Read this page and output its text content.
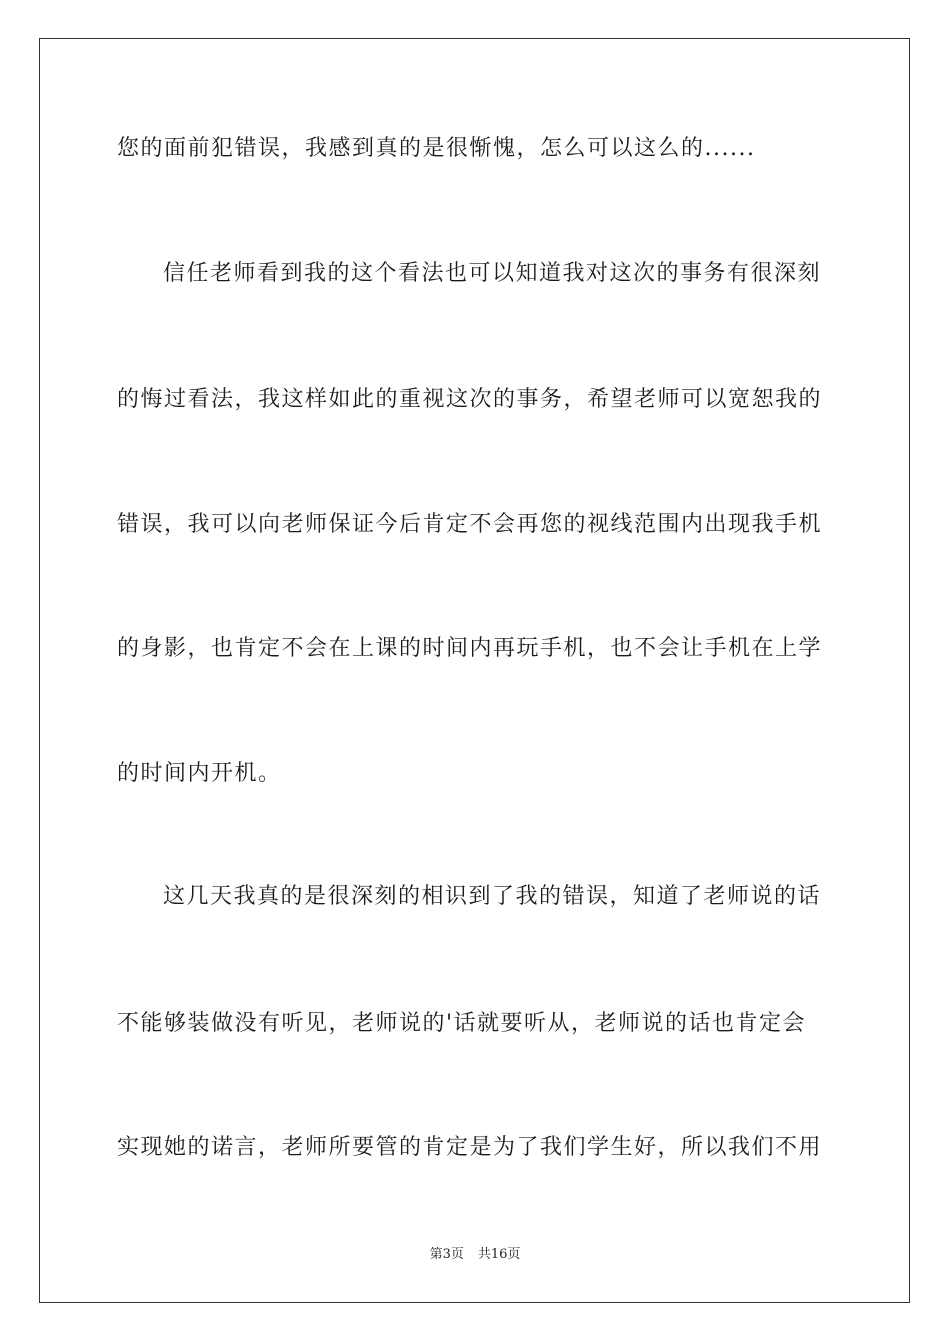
您的面前犯错误，我感到真的是很惭愧，怎么可以这么的......
信任老师看到我的这个看法也可以知道我对这次的事务有很深刻
的悔过看法，我这样如此的重视这次的事务，希望老师可以宽恕我的
错误，我可以向老师保证今后肯定不会再您的视线范围内出现我手机
的身影，也肯定不会在上课的时间内再玩手机，也不会让手机在上学
的时间内开机。
这几天我真的是很深刻的相识到了我的错误，知道了老师说的话
不能够装做没有听见，老师说的'话就要听从，老师说的话也肯定会
实现她的诺言，老师所要管的肯定是为了我们学生好，所以我们不用
第3页 共16页
